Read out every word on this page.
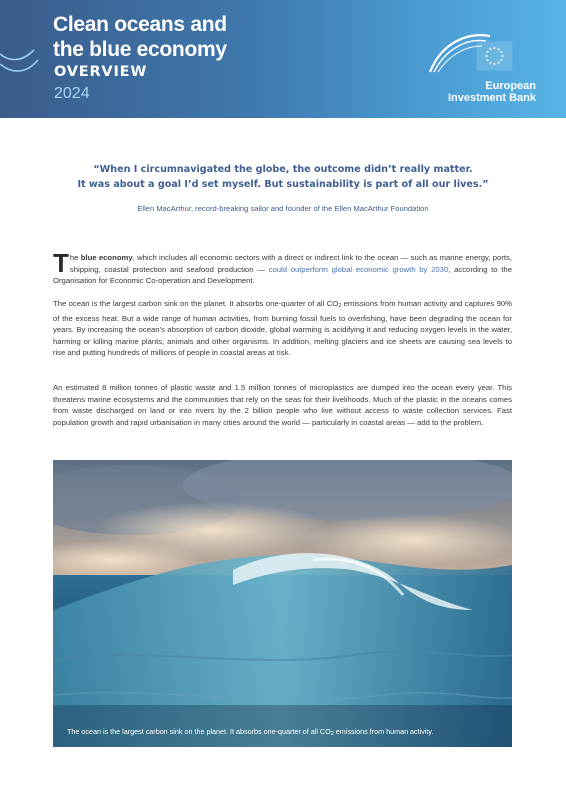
Clean oceans and
the blue economy
OVERVIEW
2024	European
Investment Bank
“When I circumnavigated the globe, the outcome didn’t really matter.
It was about a goal I’d set myself. But sustainability is part of all our lives.”
Ellen MacArthur, record-breaking sailor and founder of the Ellen MacArthur Foundation
The blue economy, which includes all economic sectors with a direct or indirect link to the ocean — such as marine energy, ports, shipping, coastal protection and seafood production — could outperform global economic growth by 2030, according to the Organisation for Economic Co-operation and Development.
The ocean is the largest carbon sink on the planet. It absorbs one-quarter of all CO2 emissions from human activity and captures 90% of the excess heat. But a wide range of human activities, from burning fossil fuels to overfishing, have been degrading the ocean for years. By increasing the ocean’s absorption of carbon dioxide, global warming is acidifying it and reducing oxygen levels in the water, harming or killing marine plants, animals and other organisms. In addition, melting glaciers and ice sheets are causing sea levels to rise and putting hundreds of millions of people in coastal areas at risk.
An estimated 8 million tonnes of plastic waste and 1.5 million tonnes of microplastics are dumped into the ocean every year. This threatens marine ecosystems and the communities that rely on the seas for their livelihoods. Much of the plastic in the oceans comes from waste discharged on land or into rivers by the 2 billion people who live without access to waste collection services. Fast population growth and rapid urbanisation in many cities around the world — particularly in coastal areas — add to the problem.
The ocean is the largest carbon sink on the planet. It absorbs one-quarter of all CO2 emissions from human activity.
